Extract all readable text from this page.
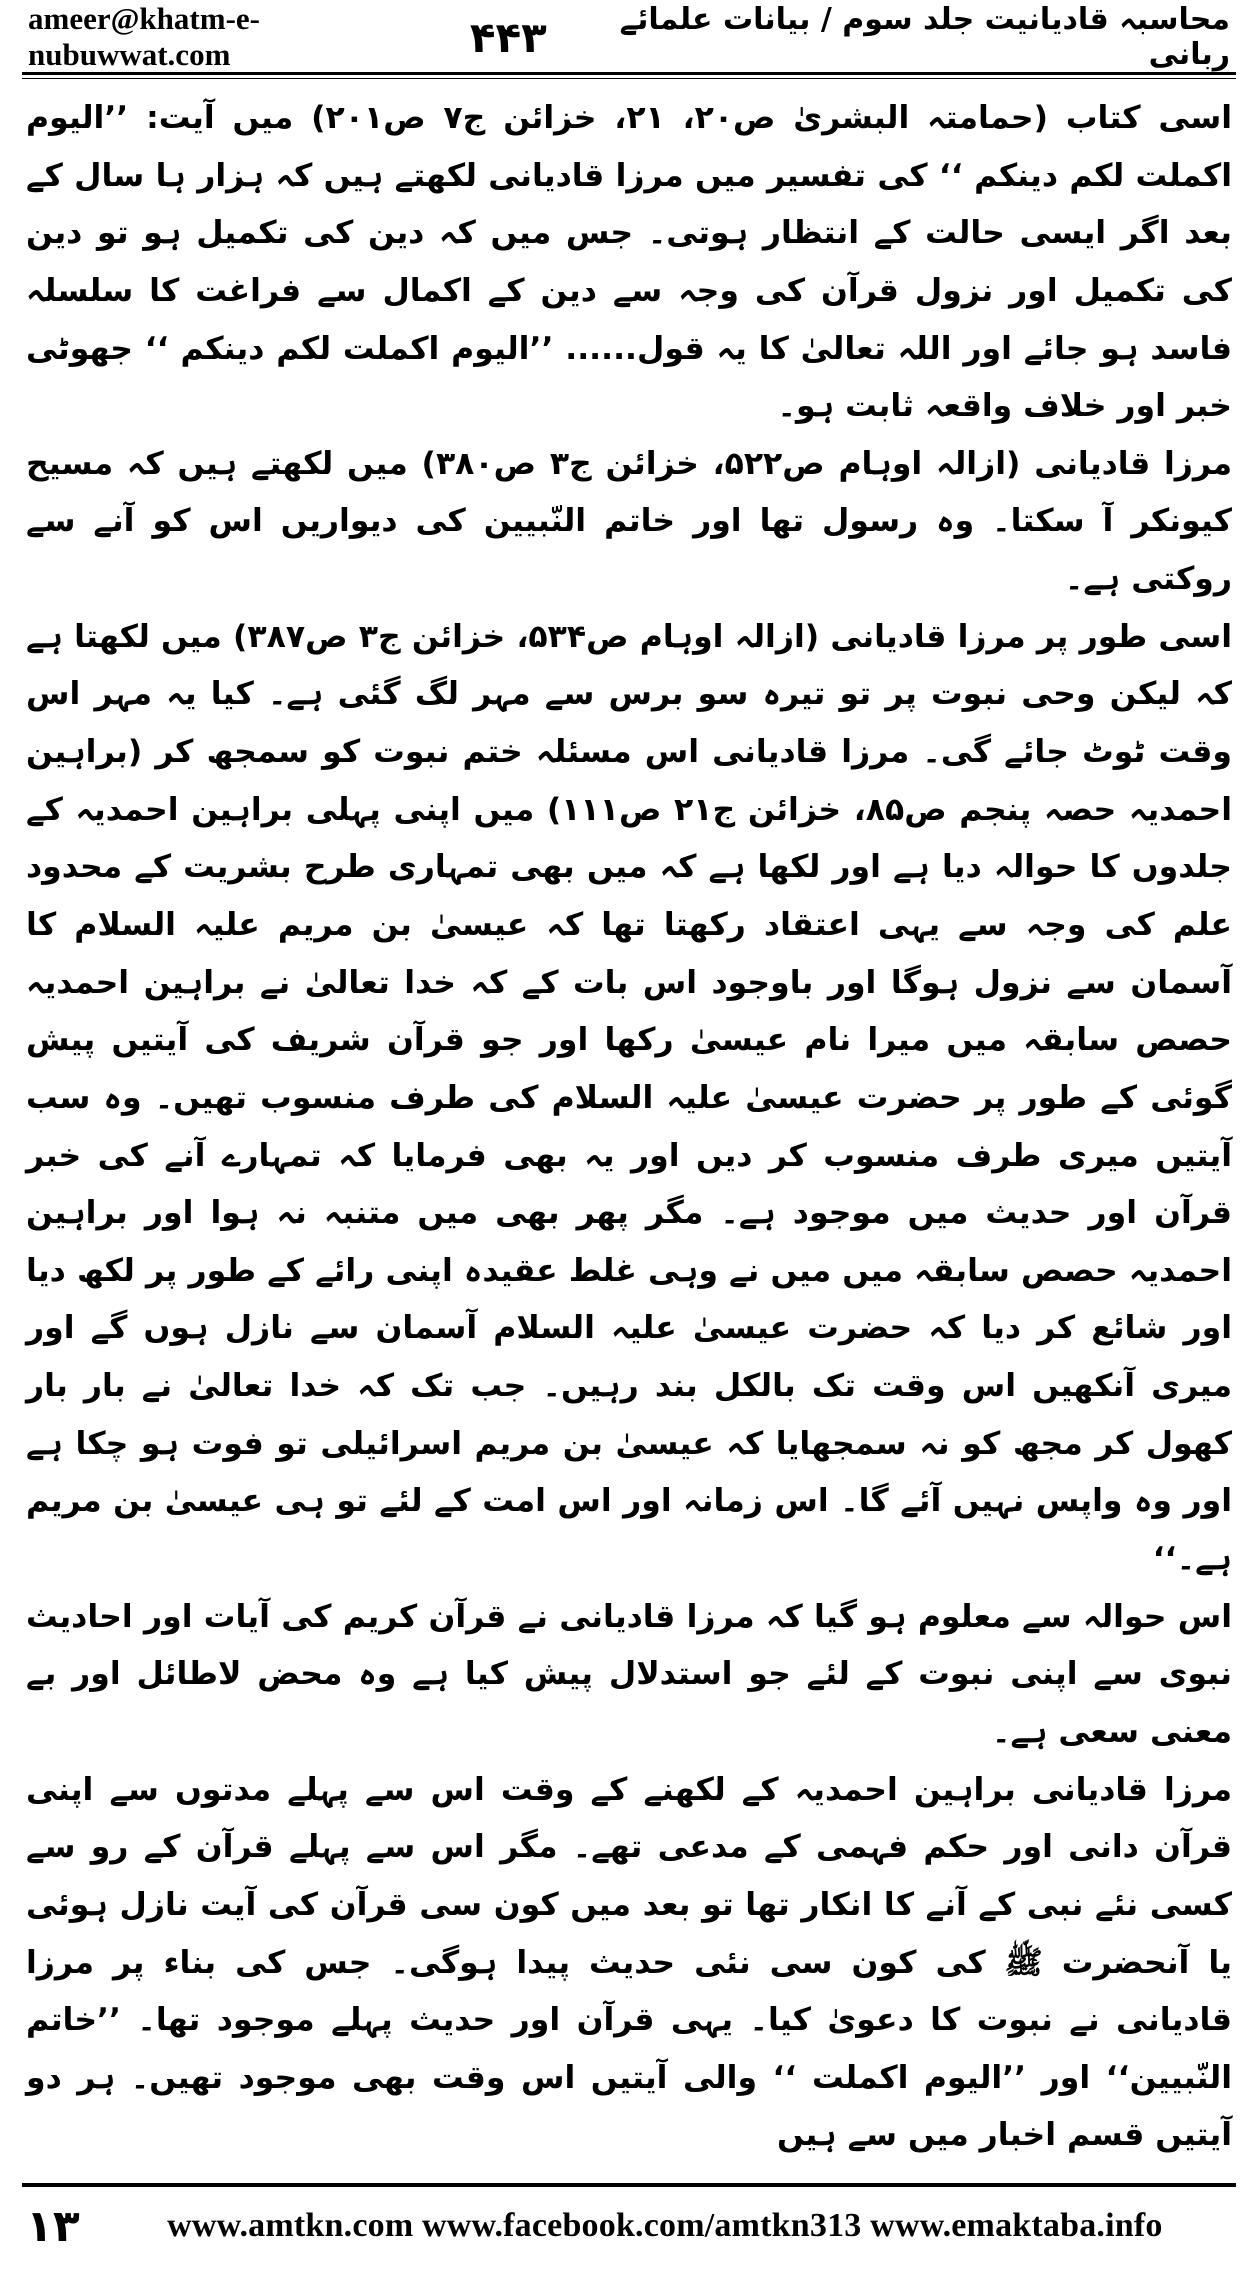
ameer@khatm-e-nubuwwat.com	۴۴۳	محاسبہ قادیانیت جلد سوم / بیانات علمائے ربانی

اسی کتاب (حمامتہ البشریٰ ص۲۰، ۲۱، خزائن ج۷ ص۲۰۱) میں آیت: ’’الیوم اکملت لکم دینکم ‘‘ کی تفسیر میں مرزا قادیانی لکھتے ہیں کہ ہزار ہا سال کے بعد اگر ایسی حالت کے انتظار ہوتی۔ جس میں کہ دین کی تکمیل ہو تو دین کی تکمیل اور نزول قرآن کی وجہ سے دین کے اکمال سے فراغت کا سلسلہ فاسد ہو جائے اور اللہ تعالیٰ کا یہ قول...... ’’الیوم اکملت لکم دینکم ‘‘ جھوٹی خبر اور خلاف واقعہ ثابت ہو۔

مرزا قادیانی (ازالہ اوہام ص۵۲۲، خزائن ج۳ ص۳۸۰) میں لکھتے ہیں کہ مسیح کیونکر آ سکتا۔ وہ رسول تھا اور خاتم النّبیین کی دیواریں اس کو آنے سے روکتی ہے۔

اسی طور پر مرزا قادیانی (ازالہ اوہام ص۵۳۴، خزائن ج۳ ص۳۸۷) میں لکھتا ہے کہ لیکن وحی نبوت پر تو تیرہ سو برس سے مہر لگ گئی ہے۔ کیا یہ مہر اس وقت ٹوٹ جائے گی۔ مرزا قادیانی اس مسئلہ ختم نبوت کو سمجھ کر (براہین احمدیہ حصہ پنجم ص۸۵، خزائن ج۲۱ ص۱۱۱) میں اپنی پہلی براہین احمدیہ کے جلدوں کا حوالہ دیا ہے اور لکھا ہے کہ میں بھی تمہاری طرح بشریت کے محدود علم کی وجہ سے یہی اعتقاد رکھتا تھا کہ عیسیٰ بن مریم علیہ السلام کا آسمان سے نزول ہوگا اور باوجود اس بات کے کہ خدا تعالیٰ نے براہین احمدیہ حصص سابقہ میں میرا نام عیسیٰ رکھا اور جو قرآن شریف کی آیتیں پیش گوئی کے طور پر حضرت عیسیٰ علیہ السلام کی طرف منسوب تھیں۔ وہ سب آیتیں میری طرف منسوب کر دیں اور یہ بھی فرمایا کہ تمہارے آنے کی خبر قرآن اور حدیث میں موجود ہے۔ مگر پھر بھی میں متنبہ نہ ہوا اور براہین احمدیہ حصص سابقہ میں میں نے وہی غلط عقیدہ اپنی رائے کے طور پر لکھ دیا اور شائع کر دیا کہ حضرت عیسیٰ علیہ السلام آسمان سے نازل ہوں گے اور میری آنکھیں اس وقت تک بالکل بند رہیں۔ جب تک کہ خدا تعالیٰ نے بار بار کھول کر مجھ کو نہ سمجھایا کہ عیسیٰ بن مریم اسرائیلی تو فوت ہو چکا ہے اور وہ واپس نہیں آئے گا۔ اس زمانہ اور اس امت کے لئے تو ہی عیسیٰ بن مریم ہے۔‘‘

اس حوالہ سے معلوم ہو گیا کہ مرزا قادیانی نے قرآن کریم کی آیات اور احادیث نبوی سے اپنی نبوت کے لئے جو استدلال پیش کیا ہے وہ محض لاطائل اور بے معنی سعی ہے۔

مرزا قادیانی براہین احمدیہ کے لکھنے کے وقت اس سے پہلے مدتوں سے اپنی قرآن دانی اور حکم فہمی کے مدعی تھے۔ مگر اس سے پہلے قرآن کے رو سے کسی نئے نبی کے آنے کا انکار تھا تو بعد میں کون سی قرآن کی آیت نازل ہوئی یا آنحضرت ﷺ کی کون سی نئی حدیث پیدا ہوگی۔ جس کی بناء پر مرزا قادیانی نے نبوت کا دعویٰ کیا۔ یہی قرآن اور حدیث پہلے موجود تھا۔ ’’خاتم النّبیین‘‘ اور ’’الیوم اکملت ‘‘ والی آیتیں اس وقت بھی موجود تھیں۔ ہر دو آیتیں قسم اخبار میں سے ہیں

۱۳	www.amtkn.com www.facebook.com/amtkn313 www.emaktaba.info
